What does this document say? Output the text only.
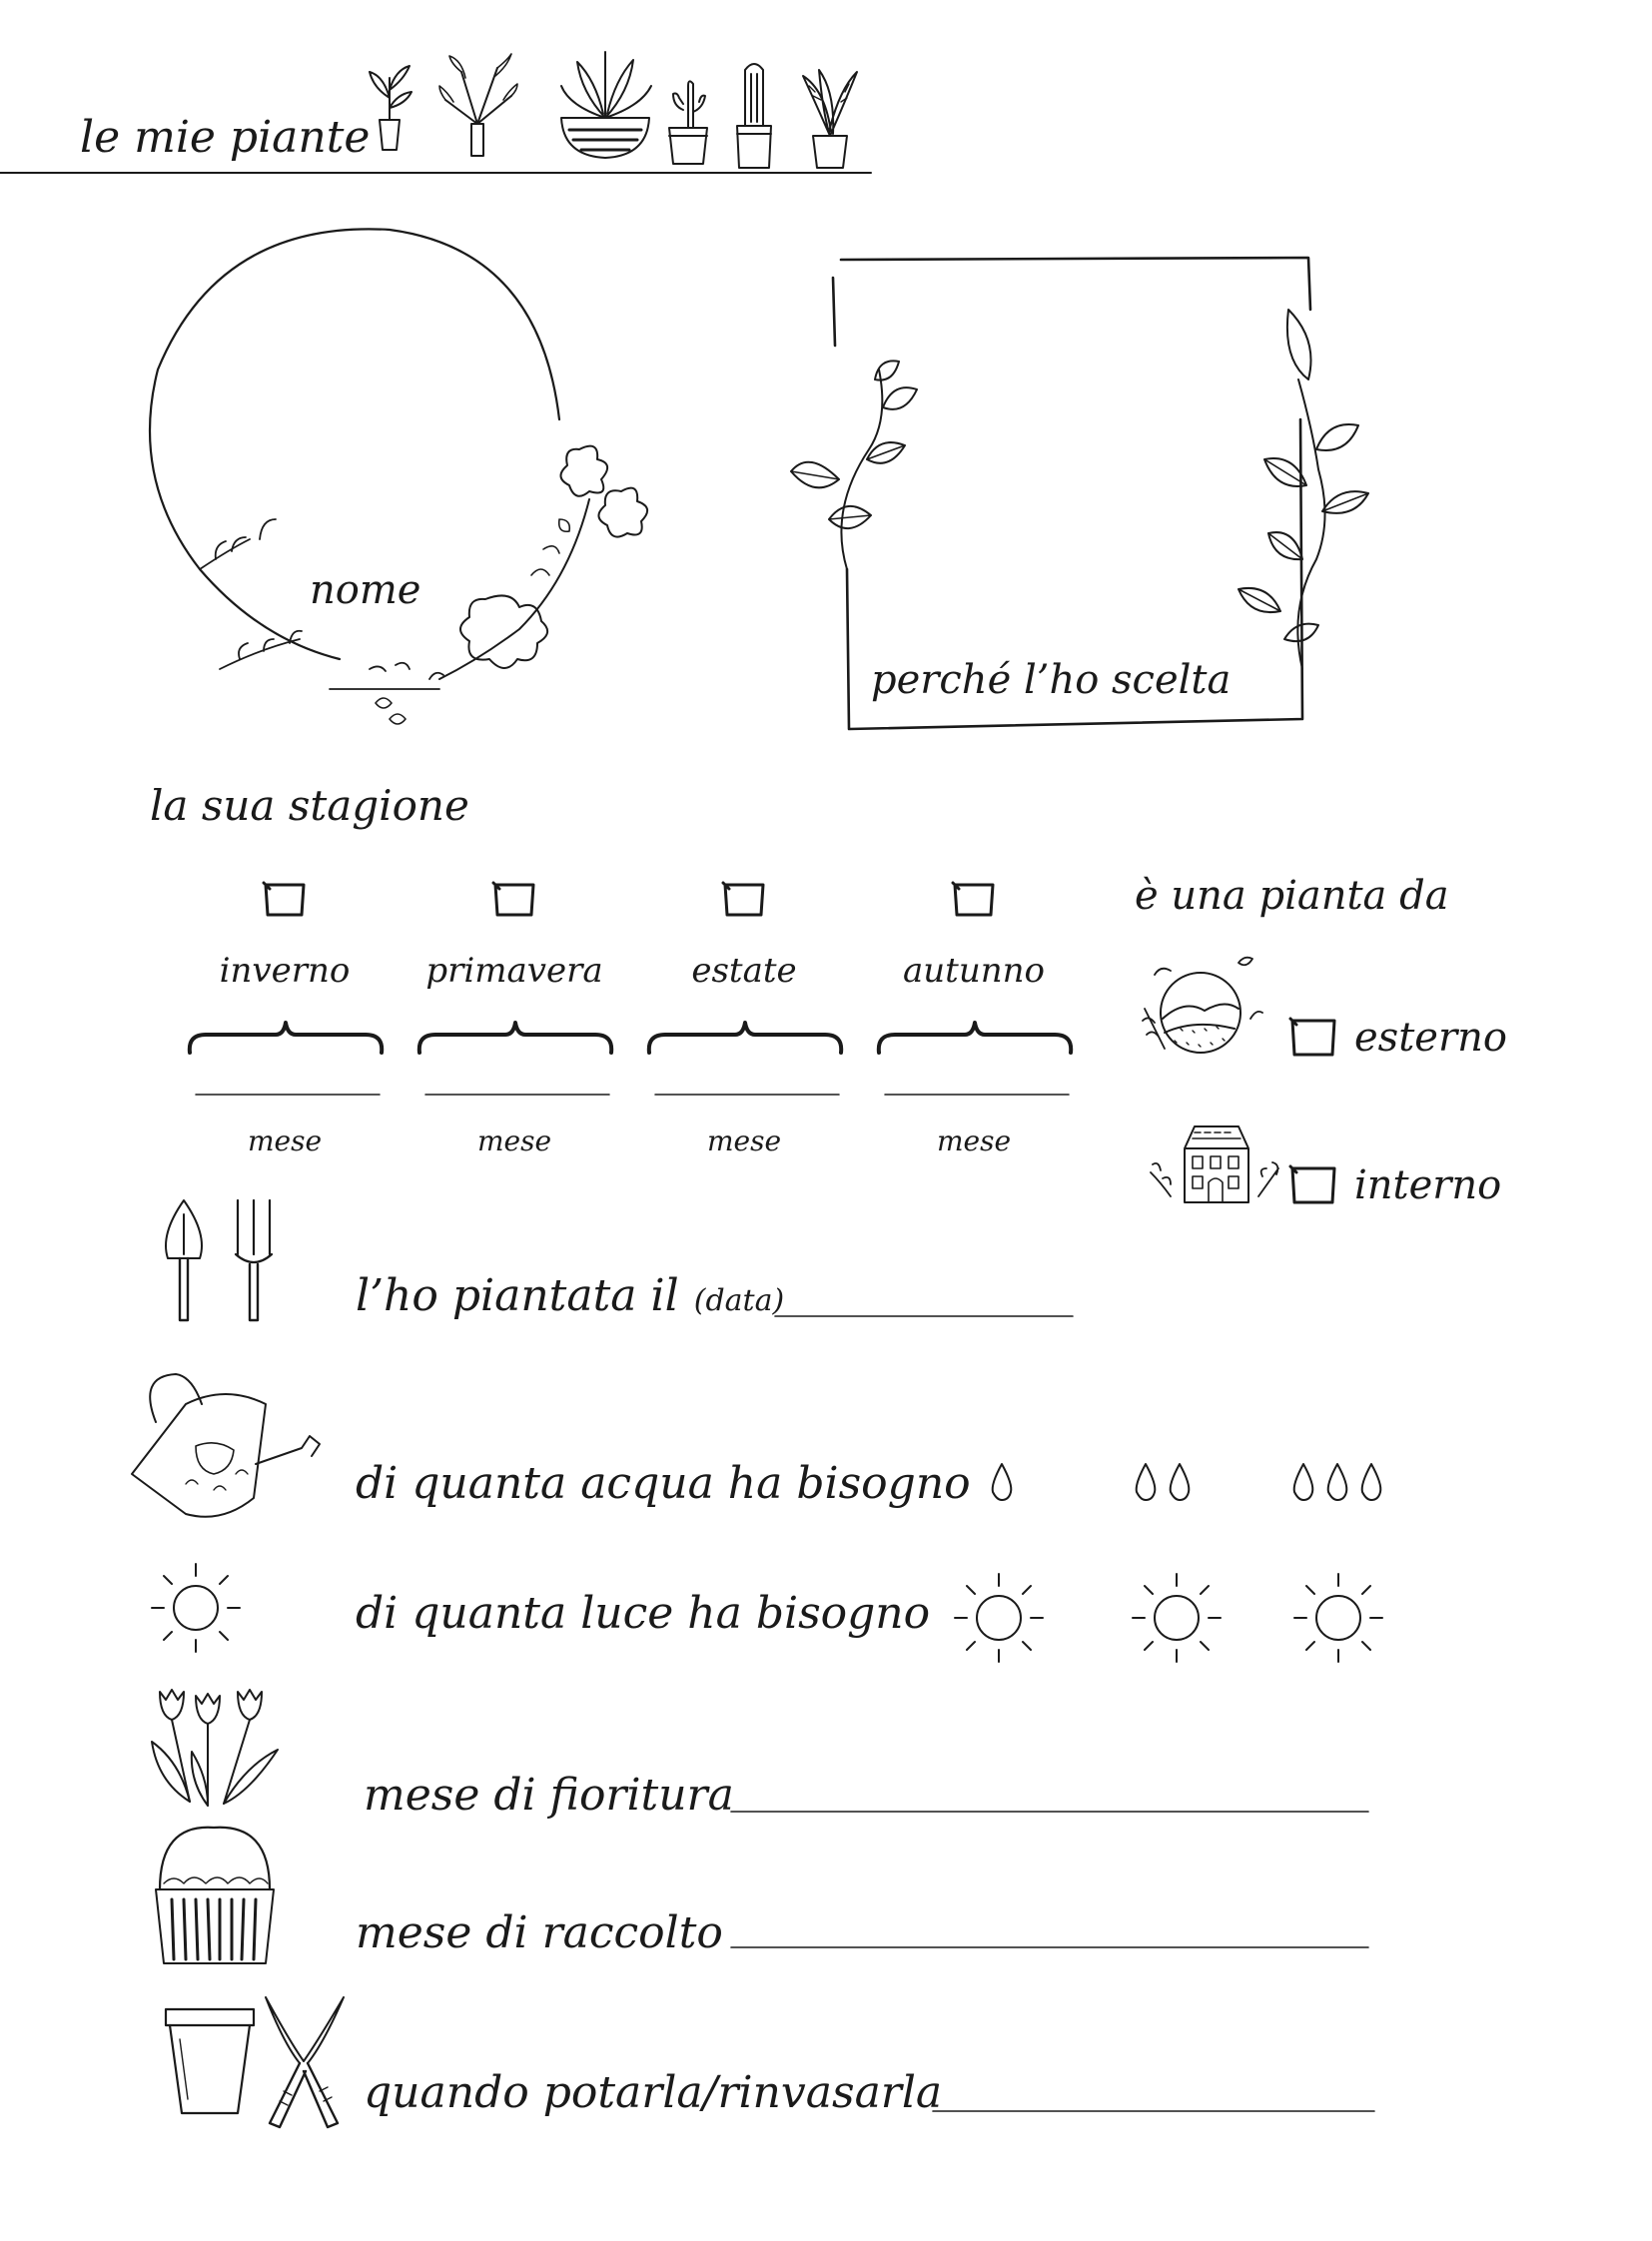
le mie piante
nome
perché l’ho scelta
la sua stagione
inverno
mese
primavera
mese
estate
mese
autunno
mese
è una pianta da
esterno
interno
l’ho piantata il (data)
di quanta acqua ha bisogno
di quanta luce ha bisogno
mese di fioritura
mese di raccolto
quando potarla/rinvasarla
